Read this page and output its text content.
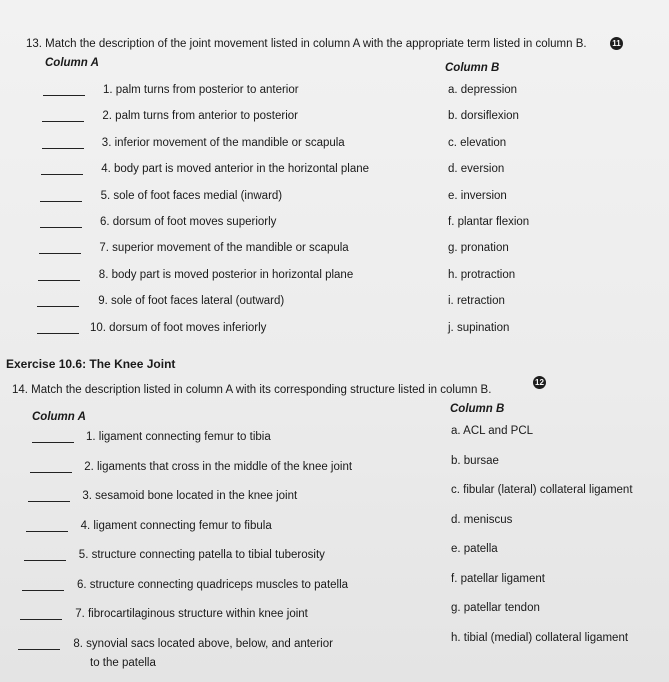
13. Match the description of the joint movement listed in column A with the appropriate term listed in column B.	11
Column A	Column B
1. palm turns from posterior to anterior	a. depression
2. palm turns from anterior to posterior	b. dorsiflexion
3. inferior movement of the mandible or scapula	c. elevation
4. body part is moved anterior in the horizontal plane	d. eversion
5. sole of foot faces medial (inward)	e. inversion
6. dorsum of foot moves superiorly	f. plantar flexion
7. superior movement of the mandible or scapula	g. pronation
8. body part is moved posterior in horizontal plane	h. protraction
9. sole of foot faces lateral (outward)	i. retraction
10. dorsum of foot moves inferiorly	j. supination
Exercise 10.6: The Knee Joint
14. Match the description listed in column A with its corresponding structure listed in column B.
12
Column A
Column B
1. ligament connecting femur to tibia	a. ACL and PCL
2. ligaments that cross in the middle of the knee joint	b. bursae
3. sesamoid bone located in the knee joint	c. fibular (lateral) collateral ligament
4. ligament connecting femur to fibula	d. meniscus
5. structure connecting patella to tibial tuberosity	e. patella
6. structure connecting quadriceps muscles to patella	f. patellar ligament
7. fibrocartilaginous structure within knee joint	g. patellar tendon
8. synovial sacs located above, below, and anterior	h. tibial (medial) collateral ligament
to the patella
